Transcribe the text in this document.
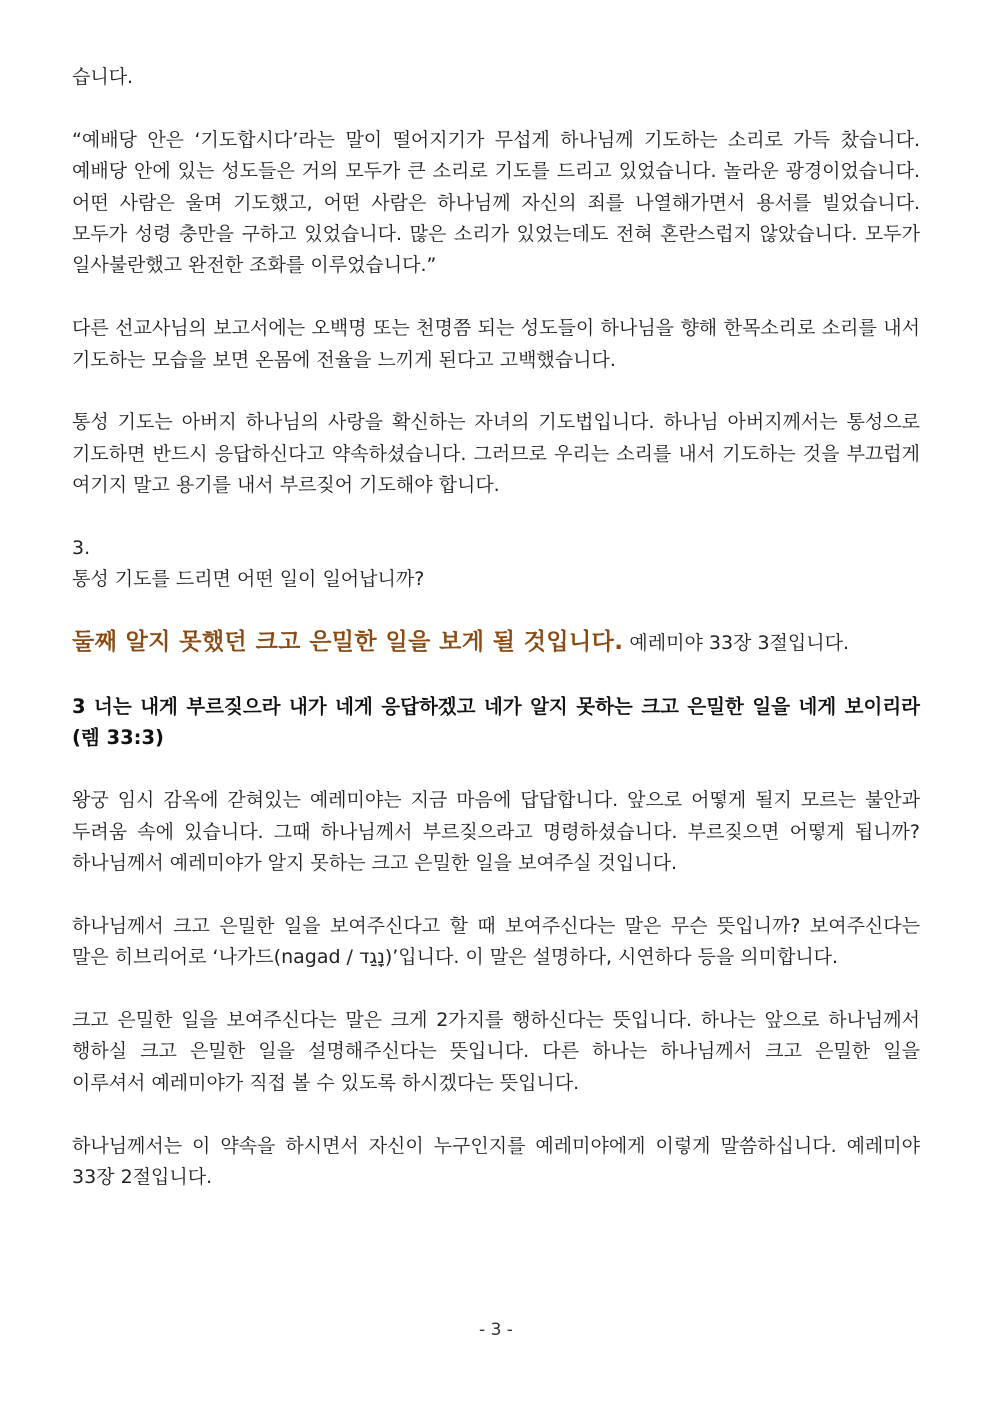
습니다.

“예배당 안은 ‘기도합시다’라는 말이 떨어지기가 무섭게 하나님께 기도하는 소리로 가득 찼습니다. 예배당 안에 있는 성도들은 거의 모두가 큰 소리로 기도를 드리고 있었습니다. 놀라운 광경이었습니다. 어떤 사람은 울며 기도했고, 어떤 사람은 하나님께 자신의 죄를 나열해가면서 용서를 빌었습니다. 모두가 성령 충만을 구하고 있었습니다. 많은 소리가 있었는데도 전혀 혼란스럽지 않았습니다. 모두가 일사불란했고 완전한 조화를 이루었습니다.”

다른 선교사님의 보고서에는 오백명 또는 천명쯤 되는 성도들이 하나님을 향해 한목소리로 소리를 내서 기도하는 모습을 보면 온몸에 전율을 느끼게 된다고 고백했습니다.

통성 기도는 아버지 하나님의 사랑을 확신하는 자녀의 기도법입니다. 하나님 아버지께서는 통성으로 기도하면 반드시 응답하신다고 약속하셨습니다. 그러므로 우리는 소리를 내서 기도하는 것을 부끄럽게 여기지 말고 용기를 내서 부르짖어 기도해야 합니다.

3.

통성 기도를 드리면 어떤 일이 일어납니까?

둘째 알지 못했던 크고 은밀한 일을 보게 될 것입니다. 예레미야 33장 3절입니다.

3 너는 내게 부르짖으라 내가 네게 응답하겠고 네가 알지 못하는 크고 은밀한 일을 네게 보이리라 (렘 33:3)

왕궁 임시 감옥에 갇혀있는 예레미야는 지금 마음에 답답합니다. 앞으로 어떻게 될지 모르는 불안과 두려움 속에 있습니다. 그때 하나님께서 부르짖으라고 명령하셨습니다. 부르짖으면 어떻게 됩니까? 하나님께서 예레미야가 알지 못하는 크고 은밀한 일을 보여주실 것입니다.

하나님께서 크고 은밀한 일을 보여주신다고 할 때 보여주신다는 말은 무슨 뜻입니까? 보여주신다는 말은 히브리어로 ‘나가드(nagad / נָגַד)’입니다. 이 말은 설명하다, 시연하다 등을 의미합니다.

크고 은밀한 일을 보여주신다는 말은 크게 2가지를 행하신다는 뜻입니다. 하나는 앞으로 하나님께서 행하실 크고 은밀한 일을 설명해주신다는 뜻입니다. 다른 하나는 하나님께서 크고 은밀한 일을 이루셔서 예레미야가 직접 볼 수 있도록 하시겠다는 뜻입니다.

하나님께서는 이 약속을 하시면서 자신이 누구인지를 예레미야에게 이렇게 말씀하십니다. 예레미야 33장 2절입니다.

- 3 -
